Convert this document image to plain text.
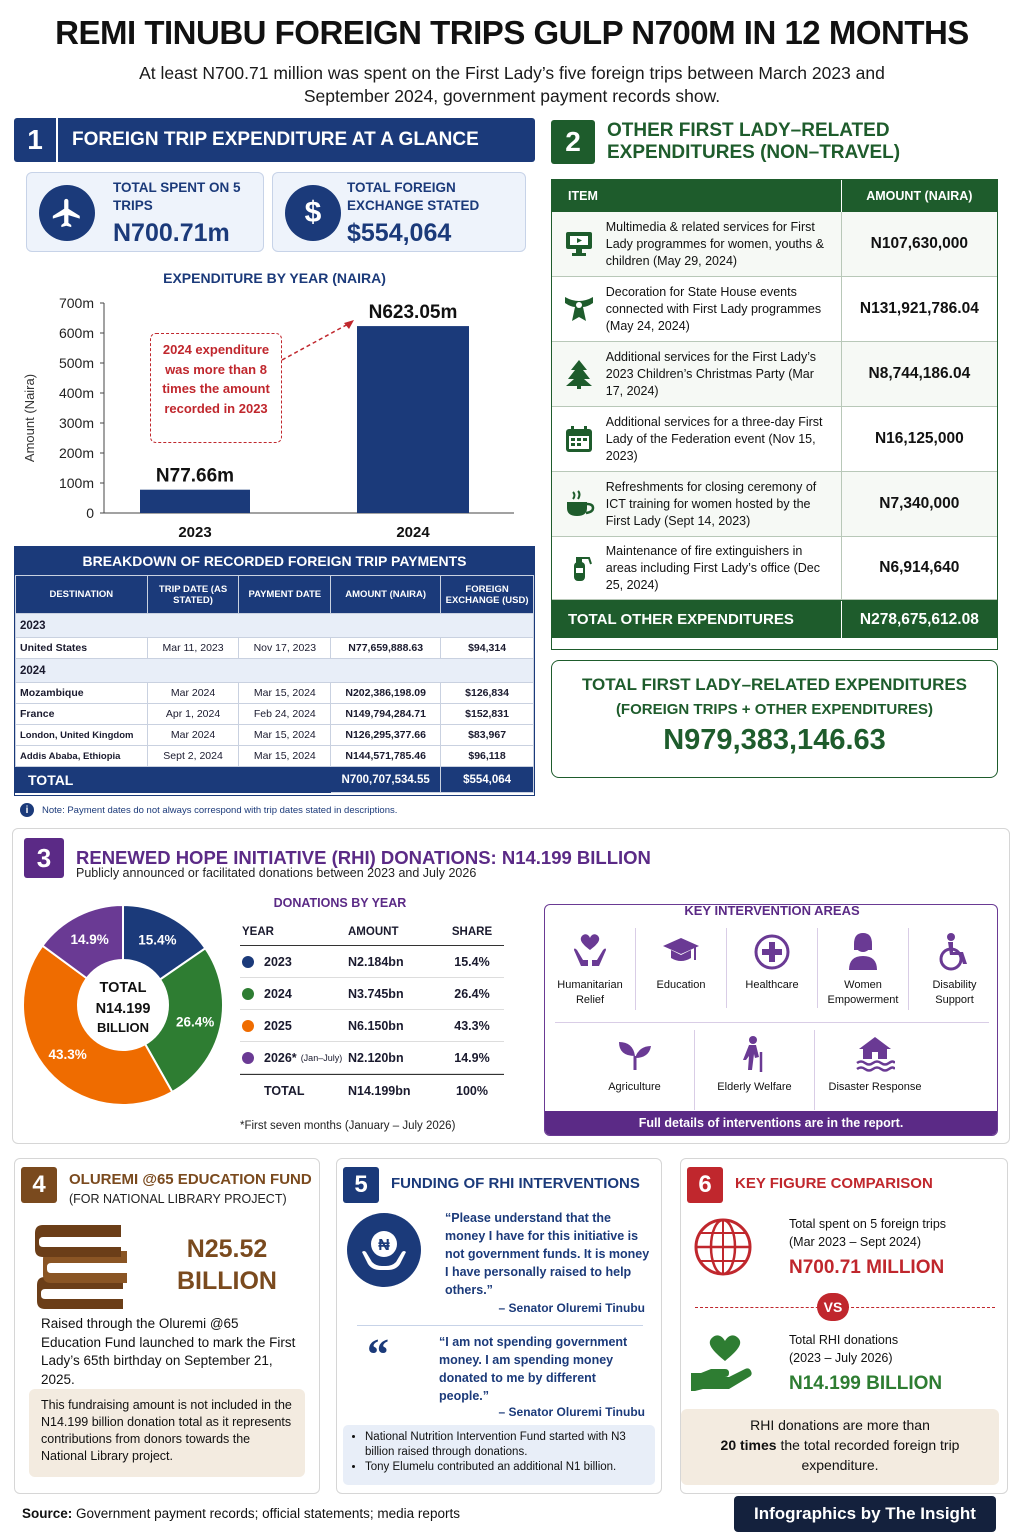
REMI TINUBU FOREIGN TRIPS GULP N700M IN 12 MONTHS
At least N700.71 million was spent on the First Lady’s five foreign trips between March 2023 and September 2024, government payment records show.
1	FOREIGN TRIP EXPENDITURE AT A GLANCE
TOTAL SPENT ON 5 TRIPS
N700.71m
$
TOTAL FOREIGN EXCHANGE STATED
$554,064
EXPENDITURE BY YEAR (NAIRA)
Amount (Naira)
0
100m
200m
300m
400m
500m
600m
700m
N77.66m
2023
N623.05m
2024
2024 expenditure was more than 8 times the amount recorded in 2023
BREAKDOWN OF RECORDED FOREIGN TRIP PAYMENTS
DESTINATION	TRIP DATE (AS STATED)	PAYMENT DATE	AMOUNT (NAIRA)	FOREIGN EXCHANGE (USD)
2023				
United States	Mar 11, 2023	Nov 17, 2023	N77,659,888.63	$94,314
2024				
Mozambique	Mar 2024	Mar 15, 2024	N202,386,198.09	$126,834
France	Apr 1, 2024	Feb 24, 2024	N149,794,284.71	$152,831
London, United Kingdom	Mar 2024	Mar 15, 2024	N126,295,377.66	$83,967
Addis Ababa, Ethiopia	Sept 2, 2024	Mar 15, 2024	N144,571,785.46	$96,118
TOTAL			N700,707,534.55	$554,064
i	Note: Payment dates do not always correspond with trip dates stated in descriptions.
2	OTHER FIRST LADY–RELATED EXPENDITURES (NON–TRAVEL)
ITEM	AMOUNT (NAIRA)
Multimedia & related services for First Lady programmes for women, youths & children (May 29, 2024)
N107,630,000
Decoration for State House events connected with First Lady programmes (May 24, 2024)
N131,921,786.04
Additional services for the First Lady’s 2023 Children’s Christmas Party (Mar 17, 2024)
N8,744,186.04
Additional services for a three-day First Lady of the Federation event (Nov 15, 2023)
N16,125,000
Refreshments for closing ceremony of ICT training for women hosted by the First Lady (Sept 14, 2023)
N7,340,000
Maintenance of fire extinguishers in areas including First Lady’s office (Dec 25, 2024)
N6,914,640
TOTAL OTHER EXPENDITURES	N278,675,612.08
TOTAL FIRST LADY–RELATED EXPENDITURES
(FOREIGN TRIPS + OTHER EXPENDITURES)
N979,383,146.63
3	RENEWED HOPE INITIATIVE (RHI) DONATIONS: N14.199 BILLION
Publicly announced or facilitated donations between 2023 and July 2026
15.4%
26.4%
43.3%
14.9%
TOTAL
N14.199
BILLION
DONATIONS BY YEAR
YEAR	AMOUNT	SHARE
2023	N2.184bn	15.4%
2024	N3.745bn	26.4%
2025	N6.150bn	43.3%
2026* (Jan–July) N2.120bn	14.9%
TOTAL	N14.199bn	100%
*First seven months (January – July 2026)
KEY INTERVENTION AREAS
Humanitarian Relief
Education	Healthcare	Women Empowerment
Disability Support
Agriculture	Elderly Welfare	Disaster Response
Full details of interventions are in the report.
4	OLUREMI @65 EDUCATION FUND
(FOR NATIONAL LIBRARY PROJECT)
N25.52
BILLION
Raised through the Oluremi @65 Education Fund launched to mark the First Lady’s 65th birthday on September 21, 2025.
This fundraising amount is not included in the N14.199 billion donation total as it represents contributions from donors towards the National Library project.
5	FUNDING OF RHI INTERVENTIONS
₦
“Please understand that the money I have for this initiative is not government funds. It is money I have personally raised to help others.”
– Senator Oluremi Tinubu
“	“I am not spending government money. I am spending money donated to me by different people.”
– Senator Oluremi Tinubu
• National Nutrition Intervention Fund started with N3 billion raised through donations.
• Tony Elumelu contributed an additional N1 billion.
6	KEY FIGURE COMPARISON
Total spent on 5 foreign trips
(Mar 2023 – Sept 2024)
N700.71 MILLION
VS
Total RHI donations
(2023 – July 2026)
N14.199 BILLION
RHI donations are more than
20 times the total recorded foreign trip expenditure.
Source: Government payment records; official statements; media reports	Infographics by The Insight
